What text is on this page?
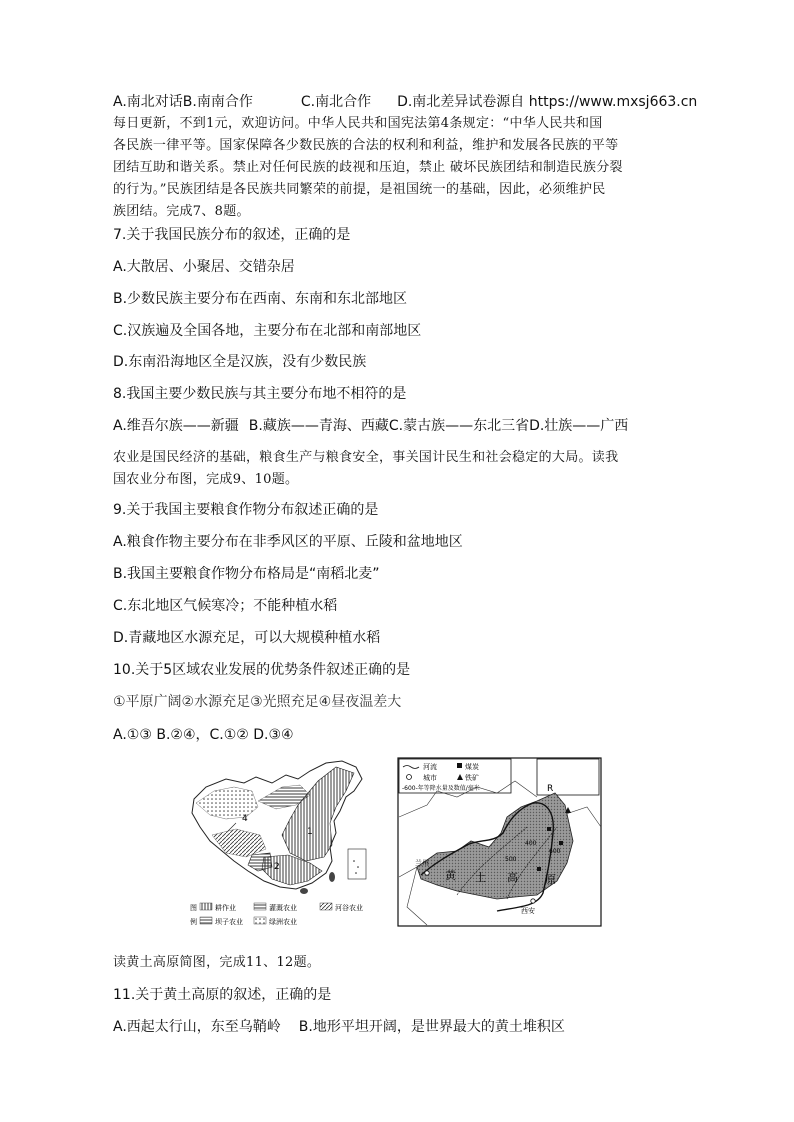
A.南北对话B.南南合作	C.南北合作 D.南北差异试卷源自 https://www.mxsj663.cn
每日更新，不到1元，欢迎访问。中华人民共和国宪法第4条规定：“中华人民共和国
各民族一律平等。国家保障各少数民族的合法的权利和利益，维护和发展各民族的平等
团结互助和谐关系。禁止对任何民族的歧视和压迫，禁止 破坏民族团结和制造民族分裂
的行为。”民族团结是各民族共同繁荣的前提，是祖国统一的基础，因此，必须维护民
族团结。完成7、8题。
7.关于我国民族分布的叙述，正确的是
A.大散居、小聚居、交错杂居
B.少数民族主要分布在西南、东南和东北部地区
C.汉族遍及全国各地，主要分布在北部和南部地区
D.东南沿海地区全是汉族，没有少数民族
8.我国主要少数民族与其主要分布地不相符的是
A.维吾尔族——新疆 B.藏族——青海、西藏C.蒙古族——东北三省D.壮族——广西
农业是国民经济的基础，粮食生产与粮食安全，事关国计民生和社会稳定的大局。读我
国农业分布图，完成9、10题。
9.关于我国主要粮食作物分布叙述正确的是
A.粮食作物主要分布在非季风区的平原、丘陵和盆地地区
B.我国主要粮食作物分布格局是“南稻北麦”
C.东北地区气候寒冷；不能种植水稻
D.青藏地区水源充足，可以大规模种植水稻
10.关于5区域农业发展的优势条件叙述正确的是
①平原广阔②水源充足③光照充足④昼夜温差大
A.①③ B.②④，C.①② D.③④
1
2
4
图
例
耕作业	灌溉农业	河谷农业
坝子农业	绿洲农业
河流	煤炭
城市	铁矿
-600-年等降水量及数值/毫米	R
500
400
600
兰州
西安
黄 土 高 原
读黄土高原简图，完成11、12题。
11.关于黄土高原的叙述，正确的是
A.西起太行山，东至乌鞘岭 B.地形平坦开阔，是世界最大的黄土堆积区
